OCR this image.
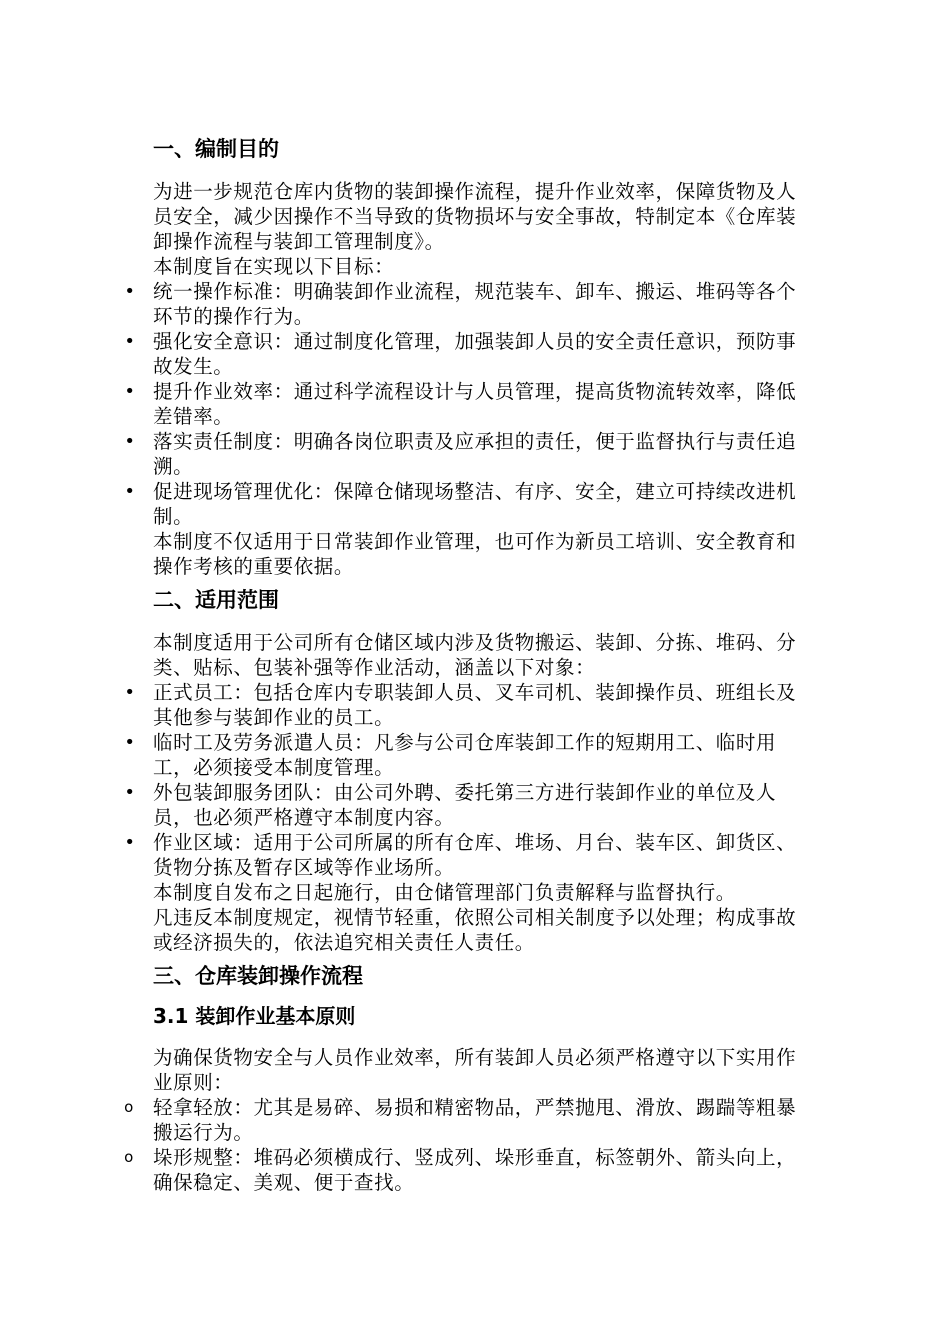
一、编制目的

为进一步规范仓库内货物的装卸操作流程，提升作业效率，保障货物及人员安全，减少因操作不当导致的货物损坏与安全事故，特制定本《仓库装卸操作流程与装卸工管理制度》。

本制度旨在实现以下目标：

• 统一操作标准：明确装卸作业流程，规范装车、卸车、搬运、堆码等各个环节的操作行为。
• 强化安全意识：通过制度化管理，加强装卸人员的安全责任意识，预防事故发生。
• 提升作业效率：通过科学流程设计与人员管理，提高货物流转效率，降低差错率。
• 落实责任制度：明确各岗位职责及应承担的责任，便于监督执行与责任追溯。
• 促进现场管理优化：保障仓储现场整洁、有序、安全，建立可持续改进机制。

本制度不仅适用于日常装卸作业管理，也可作为新员工培训、安全教育和操作考核的重要依据。

二、适用范围

本制度适用于公司所有仓储区域内涉及货物搬运、装卸、分拣、堆码、分类、贴标、包装补强等作业活动，涵盖以下对象：

• 正式员工：包括仓库内专职装卸人员、叉车司机、装卸操作员、班组长及其他参与装卸作业的员工。
• 临时工及劳务派遣人员：凡参与公司仓库装卸工作的短期用工、临时用工，必须接受本制度管理。
• 外包装卸服务团队：由公司外聘、委托第三方进行装卸作业的单位及人员，也必须严格遵守本制度内容。
• 作业区域：适用于公司所属的所有仓库、堆场、月台、装车区、卸货区、货物分拣及暂存区域等作业场所。

本制度自发布之日起施行，由仓储管理部门负责解释与监督执行。

凡违反本制度规定，视情节轻重，依照公司相关制度予以处理；构成事故或经济损失的，依法追究相关责任人责任。

三、仓库装卸操作流程
3.1 装卸作业基本原则

为确保货物安全与人员作业效率，所有装卸人员必须严格遵守以下实用作业原则：

o 轻拿轻放：尤其是易碎、易损和精密物品，严禁抛甩、滑放、踢踹等粗暴搬运行为。
o 垛形规整：堆码必须横成行、竖成列、垛形垂直，标签朝外、箭头向上，确保稳定、美观、便于查找。
